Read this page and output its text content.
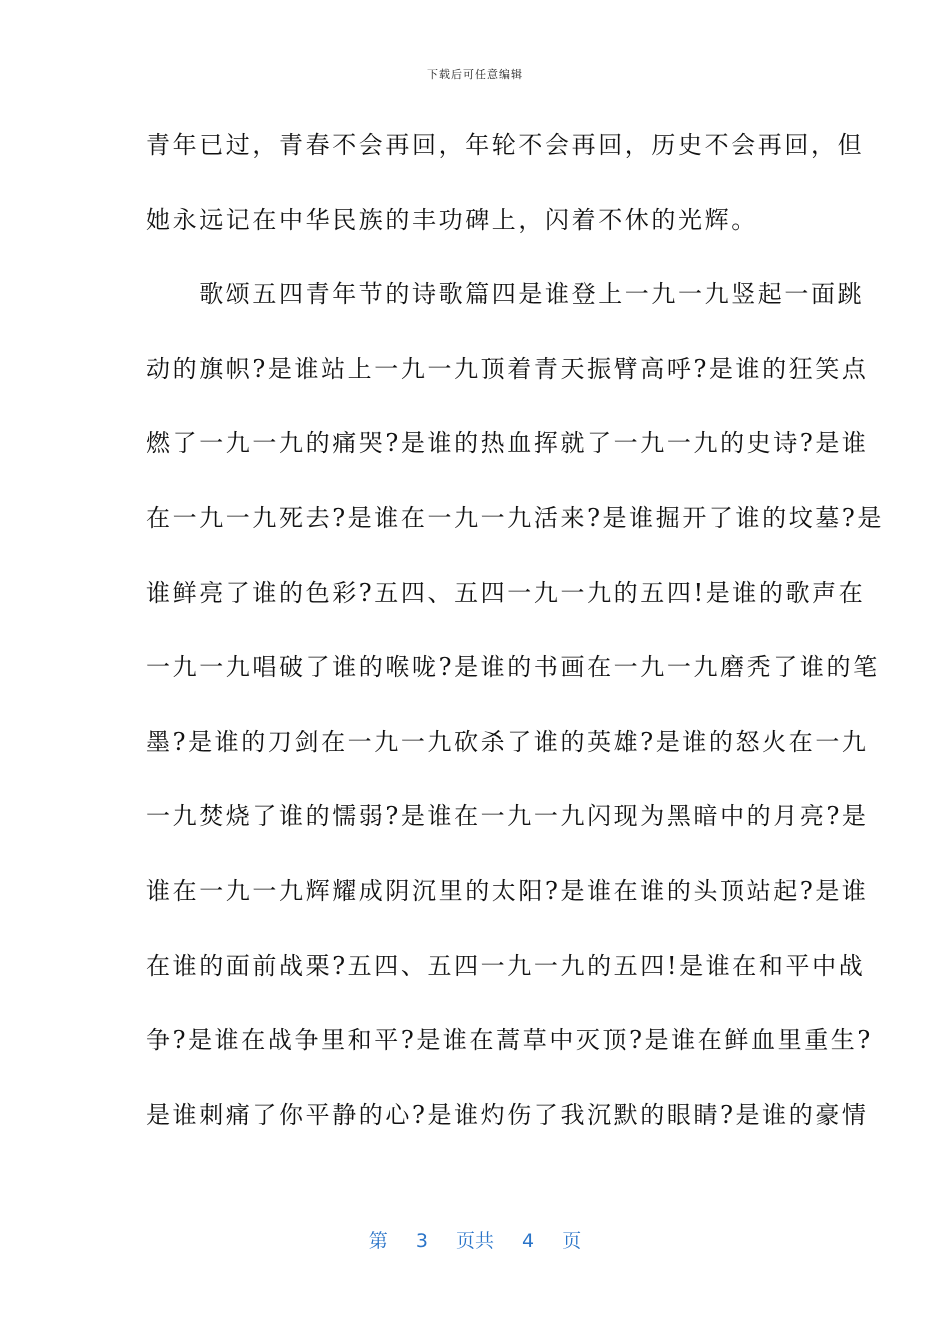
下载后可任意编辑
青年已过，青春不会再回，年轮不会再回，历史不会再回，但
她永远记在中华民族的丰功碑上，闪着不休的光辉。
　　歌颂五四青年节的诗歌篇四是谁登上一九一九竖起一面跳
动的旗帜?是谁站上一九一九顶着青天振臂高呼?是谁的狂笑点
燃了一九一九的痛哭?是谁的热血挥就了一九一九的史诗?是谁
在一九一九死去?是谁在一九一九活来?是谁掘开了谁的坟墓?是
谁鲜亮了谁的色彩?五四、五四一九一九的五四!是谁的歌声在
一九一九唱破了谁的喉咙?是谁的书画在一九一九磨秃了谁的笔
墨?是谁的刀剑在一九一九砍杀了谁的英雄?是谁的怒火在一九
一九焚烧了谁的懦弱?是谁在一九一九闪现为黑暗中的月亮?是
谁在一九一九辉耀成阴沉里的太阳?是谁在谁的头顶站起?是谁
在谁的面前战栗?五四、五四一九一九的五四!是谁在和平中战
争?是谁在战争里和平?是谁在蒿草中灭顶?是谁在鲜血里重生?
是谁刺痛了你平静的心?是谁灼伤了我沉默的眼睛?是谁的豪情
第 3 页共 4 页
